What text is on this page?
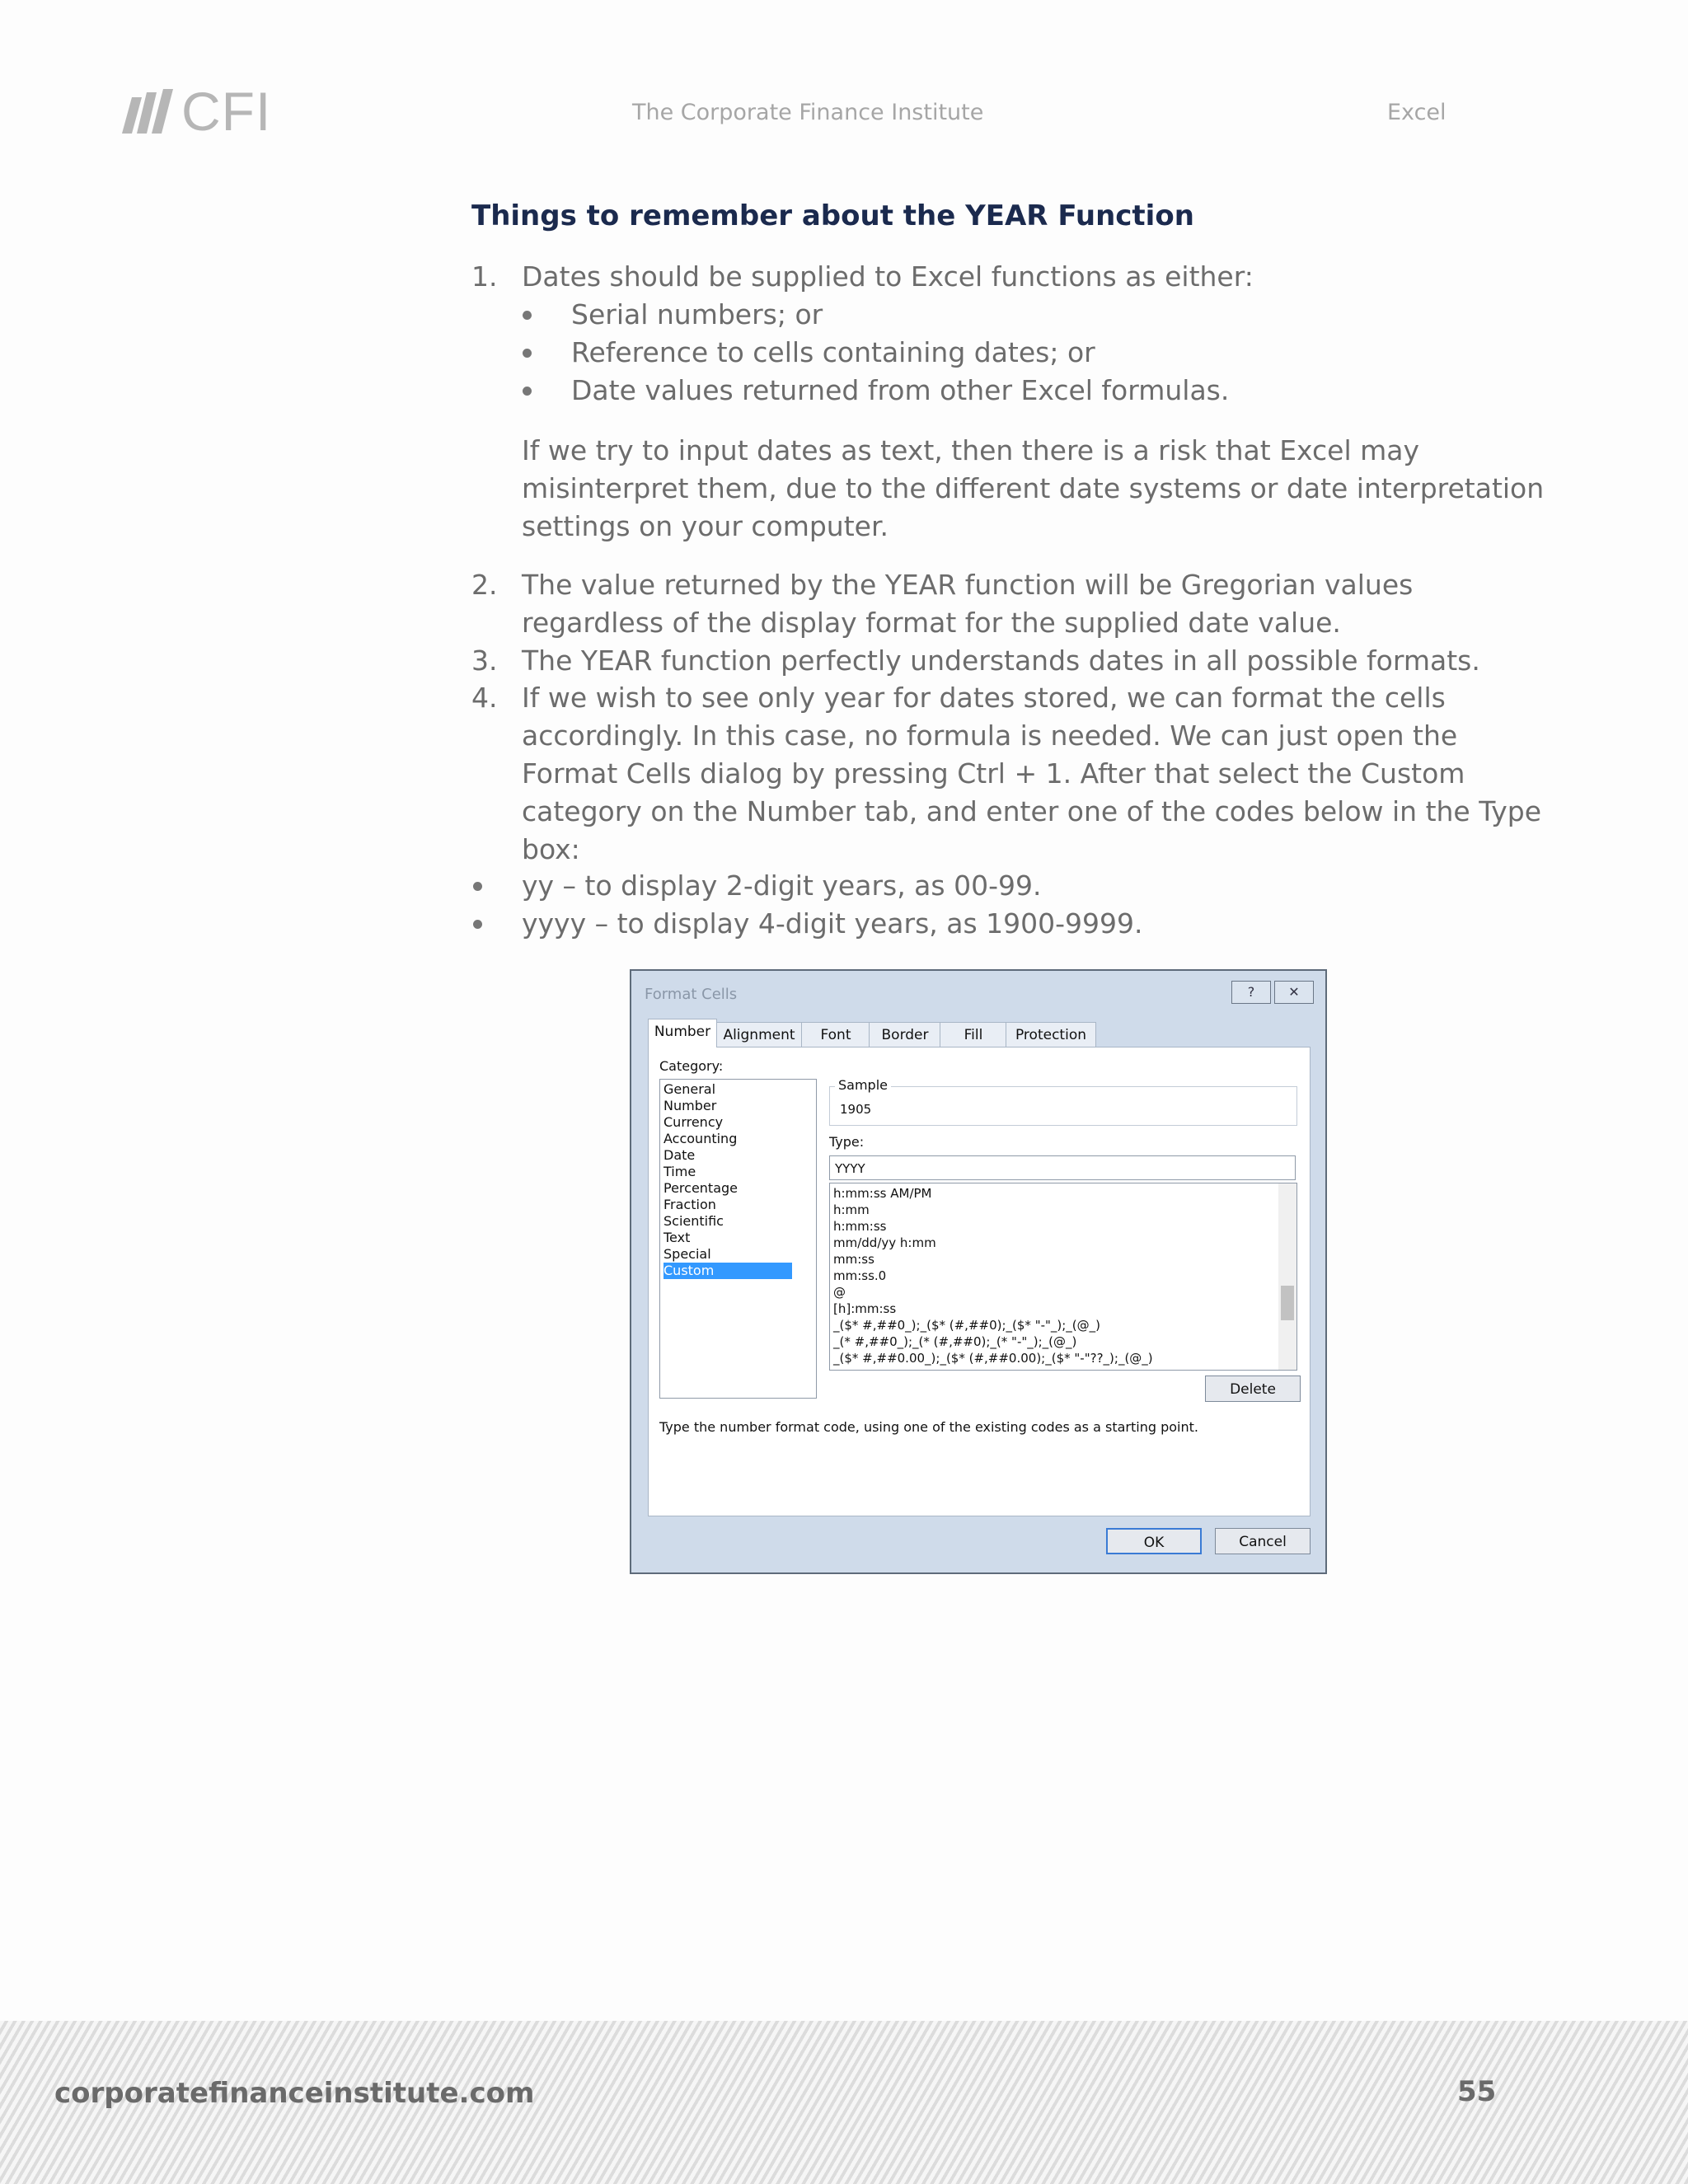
CFI	The Corporate Finance Institute	Excel
Things to remember about the YEAR Function
1. Dates should be supplied to Excel functions as either:
Serial numbers; or
Reference to cells containing dates; or
Date values returned from other Excel formulas.
If we try to input dates as text, then there is a risk that Excel may
misinterpret them, due to the different date systems or date interpretation
settings on your computer.
2. The value returned by the YEAR function will be Gregorian values
regardless of the display format for the supplied date value.
3. The YEAR function perfectly understands dates in all possible formats.
4. If we wish to see only year for dates stored, we can format the cells
accordingly. In this case, no formula is needed. We can just open the
Format Cells dialog by pressing Ctrl + 1. After that select the Custom
category on the Number tab, and enter one of the codes below in the Type
box:
yy – to display 2-digit years, as 00-99.
yyyy – to display 4-digit years, as 1900-9999.
Format Cells	?	✕
Number Alignment	Font	Border	Fill	Protection
Category:
General
Number
Currency
Accounting
Date
Time
Percentage
Fraction
Scientific
Text
Special
Custom
Sample
1905
Type:
YYYY
h:mm:ss AM/PM
h:mm
h:mm:ss
mm/dd/yy h:mm
mm:ss
mm:ss.0
@
[h]:mm:ss
_($* #,##0_);_($* (#,##0);_($* "-"_);_(@_)
_(* #,##0_);_(* (#,##0);_(* "-"_);_(@_)
_($* #,##0.00_);_($* (#,##0.00);_($* "-"??_);_(@_)
Delete
Type the number format code, using one of the existing codes as a starting point.
OK	Cancel
corporatefinanceinstitute.com	55
